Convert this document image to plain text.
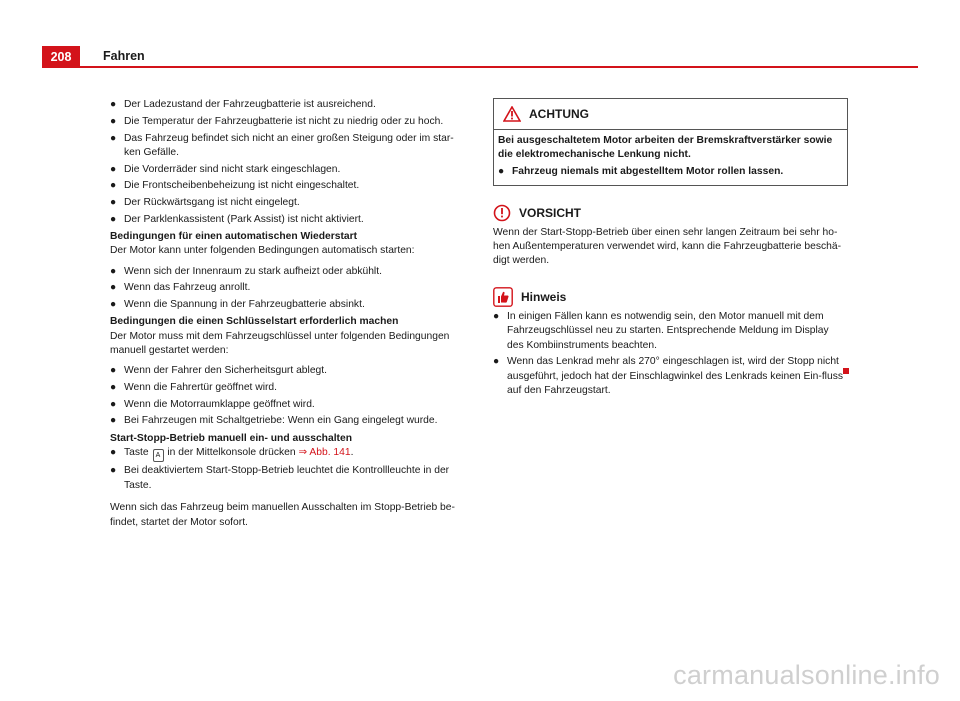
208	Fahren
● Der Ladezustand der Fahrzeugbatterie ist ausreichend.
● Die Temperatur der Fahrzeugbatterie ist nicht zu niedrig oder zu hoch.
● Das Fahrzeug befindet sich nicht an einer großen Steigung oder im star-ken Gefälle.
● Die Vorderräder sind nicht stark eingeschlagen.
● Die Frontscheibenbeheizung ist nicht eingeschaltet.
● Der Rückwärtsgang ist nicht eingelegt.
● Der Parklenkassistent (Park Assist) ist nicht aktiviert.

Bedingungen für einen automatischen Wiederstart

Der Motor kann unter folgenden Bedingungen automatisch starten:

● Wenn sich der Innenraum zu stark aufheizt oder abkühlt.
● Wenn das Fahrzeug anrollt.
● Wenn die Spannung in der Fahrzeugbatterie absinkt.

Bedingungen die einen Schlüsselstart erforderlich machen

Der Motor muss mit dem Fahrzeugschlüssel unter folgenden Bedingungen manuell gestartet werden:

● Wenn der Fahrer den Sicherheitsgurt ablegt.
● Wenn die Fahrertür geöffnet wird.
● Wenn die Motorraumklappe geöffnet wird.
● Bei Fahrzeugen mit Schaltgetriebe: Wenn ein Gang eingelegt wurde.

Start-Stopp-Betrieb manuell ein- und ausschalten

● Taste A in der Mittelkonsole drücken ⇒ Abb. 141.
● Bei deaktiviertem Start-Stopp-Betrieb leuchtet die Kontrollleuchte in der Taste.

Wenn sich das Fahrzeug beim manuellen Ausschalten im Stopp-Betrieb be-findet, startet der Motor sofort.

ACHTUNG

Bei ausgeschaltetem Motor arbeiten der Bremskraftverstärker sowie die elektromechanische Lenkung nicht.

● Fahrzeug niemals mit abgestelltem Motor rollen lassen.
VORSICHT

Wenn der Start-Stopp-Betrieb über einen sehr langen Zeitraum bei sehr ho-hen Außentemperaturen verwendet wird, kann die Fahrzeugbatterie beschä-digt werden.

Hinweis
● In einigen Fällen kann es notwendig sein, den Motor manuell mit dem Fahrzeugschlüssel neu zu starten. Entsprechende Meldung im Display des Kombiinstruments beachten.
● Wenn das Lenkrad mehr als 270° eingeschlagen ist, wird der Stopp nicht ausgeführt, jedoch hat der Einschlagwinkel des Lenkrads keinen Ein-fluss auf den Fahrzeugstart.
carmanualsonline.info
